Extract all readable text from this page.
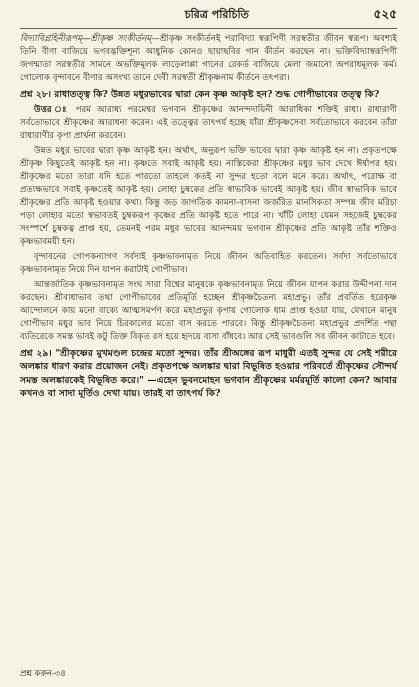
চরিত্র পরিচিতি	৫২৫

বিদ্যাবিগ্রহিনীরূপম্—শ্রীকৃষ্ণ সংকীর্তনম্—শ্রীকৃষ্ণ সংকীর্তনই পরাবিদ্যা স্বরূপিণী সরস্বতীর জীবন স্বরূপ। অবশ্যই তিনি বীণা বাজিয়ে ভগবদ্ভক্তিশূন্য আধুনিক কোনও ছায়াছবির গান কীর্তন করছেন না। ভক্তিবিদ্যাস্বরূপিণী জগন্মাতা সরস্বতীর সামনে অভক্তিমূলক লাড়েলাপ্পা গানের রেকর্ড বাজিয়ে মেলা জমানো অপরাধমূলক কর্ম। গোলোক বৃন্দাবনে বীণার অসংখ্য তানে দেবী সরস্বতী শ্রীকৃষ্ণনাম কীর্তনে তৎপরা।

প্রশ্ন ২৮। রাধাতত্ত্ব কি? উন্নত মধুরভাবের দ্বারা কেন কৃষ্ণ আকৃষ্ট হন? শুদ্ধ গোপীভাবের তত্ত্ব কি?

উত্তর ঃ পরম আরাধ্য পরমেশ্বর ভগবান শ্রীকৃষ্ণের আনন্দদায়িনী আরাধিকা শক্তিই রাধা। রাধারাণী সর্বতোভাবে শ্রীকৃষ্ণের আরাধনা করেন। এই তত্ত্বের তাৎপর্য হচ্ছে যাঁরা শ্রীকৃষ্ণসেবা সর্বতোভাবে করবেন তাঁরা রাধারাণীর কৃপা প্রার্থনা করবেন।

উন্নত মধুর ভাবের দ্বারা কৃষ্ণ আকৃষ্ট হন। অর্থাৎ, অনুরূপ ভক্তি ভাবের দ্বারা কৃষ্ণ আকৃষ্ট হন না। প্রকৃতপক্ষে শ্রীকৃষ্ণ কিছুতেই আকৃষ্ট হন না। কৃষ্ণতে সবাই আকৃষ্ট হয়। নাস্তিকেরা শ্রীকৃষ্ণের মধুর ভাব দেখে ঈর্ষাপর হয়। শ্রীকৃষ্ণের মতো তারা যদি হতে পারতো তাহলে কতই না সুন্দর হতো বলে মনে করে। অর্থাৎ, পরোক্ষ বা প্রত্যক্ষভাবে সবাই কৃষ্ণতেই আকৃষ্ট হয়। লোহা চুম্বকের প্রতি স্বাভাবিক ভাবেই আকৃষ্ট হয়। জীব স্বাভাবিক ভাবে শ্রীকৃষ্ণের প্রতি আকৃষ্ট হওয়ার কথা। কিন্তু জড় জাগতিক কামনা-বাসনা জর্জরিত মানসিকতা সম্পন্ন জীব মরিচা পড়া লোহার মতো স্বভাবতই চুম্বকরূপ কৃষ্ণের প্রতি আকৃষ্ট হতে পারে না। খাঁটি লোহা যেমন সহজেই চুম্বকের সংস্পর্শে চুম্বকত্ব প্রাপ্ত হয়, তেমনই পরম মধুর ভাবের আনন্দময় ভগবান শ্রীকৃষ্ণের প্রতি আকৃষ্ট তাঁর শক্তিও কৃষ্ণভাবময়ী হন।

বৃন্দাবনের গোপকন্যাগণ সর্বদাই কৃষ্ণভাবনামৃত নিয়ে জীবন অতিবাহিত করতেন। সর্বদা সর্বতোভাবে কৃষ্ণভাবনামৃত নিয়ে দিন যাপন করাটাই গোপীভাব।

আন্তর্জাতিক কৃষ্ণভাবনামৃত সংঘ সারা বিশ্বের মানুষকে কৃষ্ণভাবনামৃত নিয়ে জীবন যাপন করার উদ্দীপনা দান করছেন। শ্রীবাধাভাব তথা গোপীভাবের প্রতিমূর্তি হচ্ছেন শ্রীকৃষ্ণচৈতন্য মহাপ্রভু। তাঁর প্রবর্তিত হরেকৃষ্ণ আন্দোলনে কায় মনো বাক্যে আত্মসমর্পণ করে মহাপ্রভুর কৃপায় গোলোক ধাম প্রাপ্ত হওয়া যায়, যেখানে মানুষ গোপীভাব মধুর ভাব নিয়ে চিরকালের মতো বাস করতে পারবে। কিন্তু শ্রীকৃষ্ণচৈতন্য মহাপ্রভুর প্রদর্শিত পন্থা ব্যতিরেকে সমস্ত ভাবই কটু তিক্ত বিকৃত রস হয়ে হৃদয়ে বাসা বাঁধবে। আর সেই ভাবগুলি সব জীবন কাটাতে হবে।

প্রশ্ন ২৯। "শ্রীকৃষ্ণের মুখমণ্ডল চন্দ্রের মতো সুন্দর। তাঁর শ্রীঅঙ্গের রূপ মাধুরী এতই সুন্দর যে সেই শরীরে অলঙ্কার ধারণ করার প্রয়োজন নেই। প্রকৃতপক্ষে অলঙ্কার দ্বারা বিভূষিত হওয়ার পরিবর্তে শ্রীকৃষ্ণের সৌন্দর্য সমস্ত অলঙ্কারকেই বিভূষিত করে।" —এহেন ভুবনমোহন ভগবান শ্রীকৃষ্ণের মর্মরমূর্তি কালো কেন? আবার কখনও বা সাদা মূর্তিও দেখা যায়। তারই বা তাৎপর্য কি?

প্রশ্ন করুন-৩৪
